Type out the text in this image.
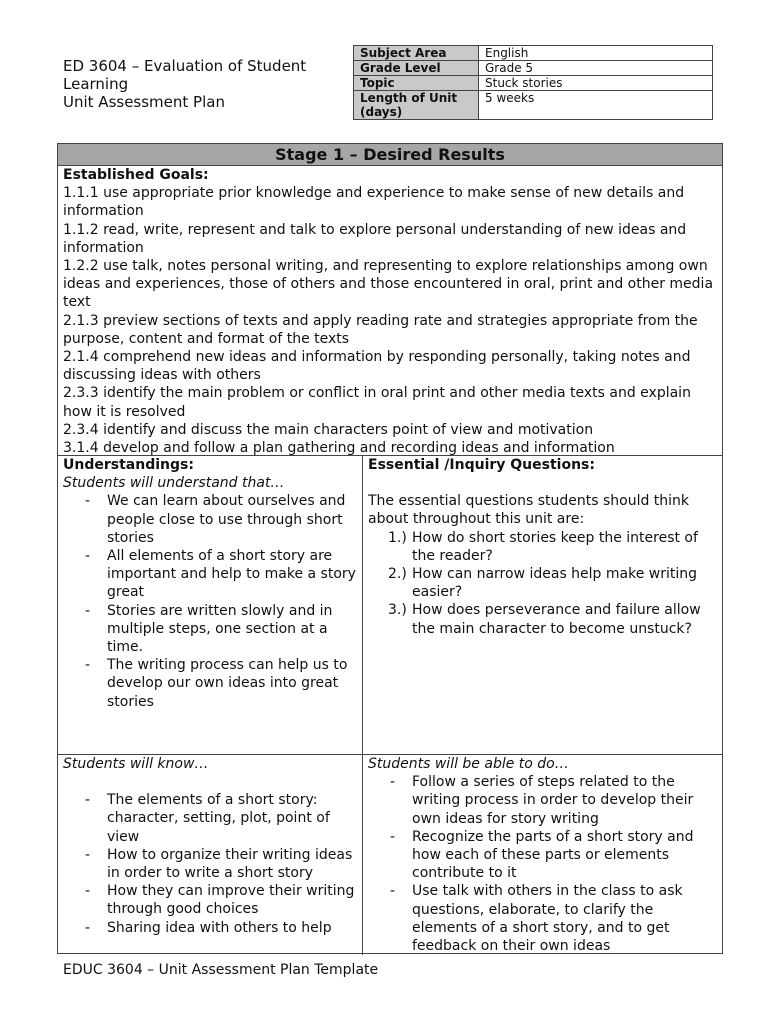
ED 3604 – Evaluation of Student
Learning
Unit Assessment Plan
Subject Area	English
Grade Level	Grade 5
Topic	Stuck stories
Length of Unit (days)	5 weeks
Stage 1 – Desired Results
Established Goals:
1.1.1 use appropriate prior knowledge and experience to make sense of new details and information
1.1.2 read, write, represent and talk to explore personal understanding of new ideas and information
1.2.2 use talk, notes personal writing, and representing to explore relationships among own ideas and experiences, those of others and those encountered in oral, print and other media text
2.1.3 preview sections of texts and apply reading rate and strategies appropriate from the purpose, content and format of the texts
2.1.4 comprehend new ideas and information by responding personally, taking notes and discussing ideas with others
2.3.3 identify the main problem or conflict in oral print and other media texts and explain how it is resolved
2.3.4 identify and discuss the main characters point of view and motivation
3.1.4 develop and follow a plan gathering and recording ideas and information
Understandings:
Students will understand that…
- We can learn about ourselves and people close to use through short stories
- All elements of a short story are important and help to make a story great
- Stories are written slowly and in multiple steps, one section at a time.
- The writing process can help us to develop our own ideas into great stories
Essential /Inquiry Questions:
The essential questions students should think about throughout this unit are:
1.) How do short stories keep the interest of the reader?
2.) How can narrow ideas help make writing easier?
3.) How does perseverance and failure allow the main character to become unstuck?
Students will know…
- The elements of a short story: character, setting, plot, point of view
- How to organize their writing ideas in order to write a short story
- How they can improve their writing through good choices
- Sharing idea with others to help
Students will be able to do…
- Follow a series of steps related to the writing process in order to develop their own ideas for story writing
- Recognize the parts of a short story and how each of these parts or elements contribute to it
- Use talk with others in the class to ask questions, elaborate, to clarify the elements of a short story, and to get feedback on their own ideas
EDUC 3604 – Unit Assessment Plan Template
